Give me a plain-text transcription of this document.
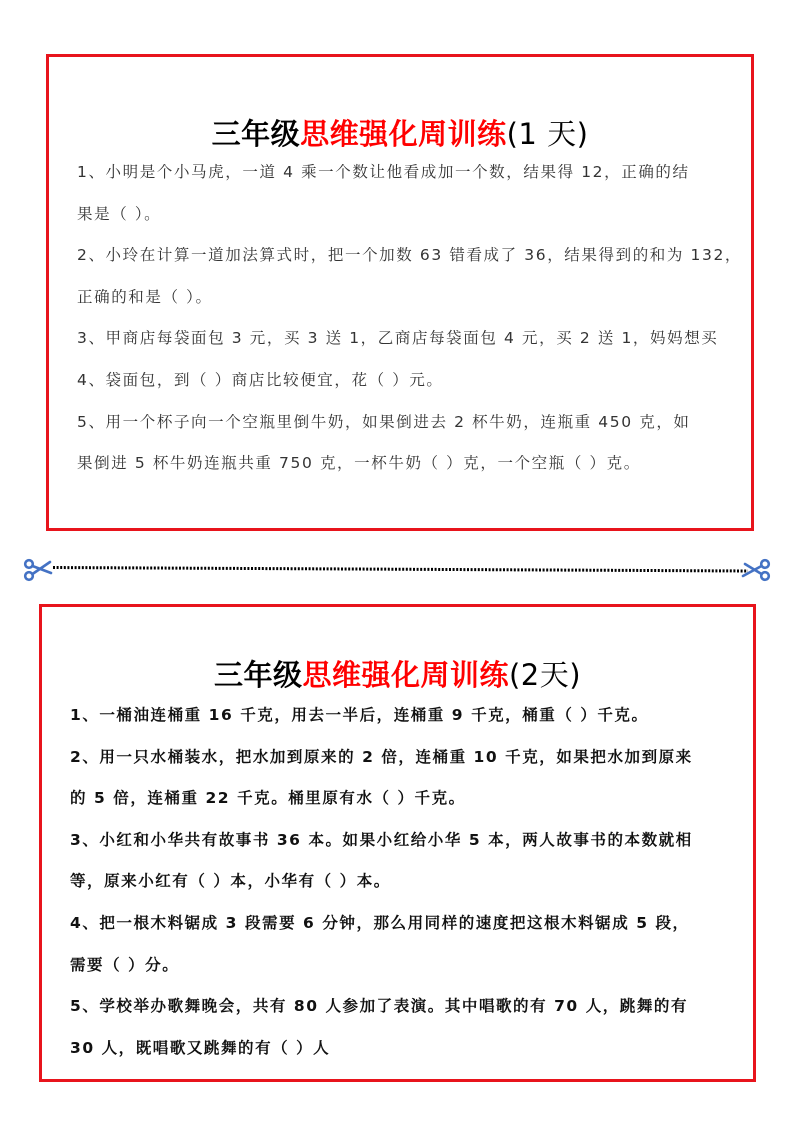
三年级思维强化周训练(1 天)
1、小明是个小马虎，一道 4 乘一个数让他看成加一个数，结果得 12，正确的结
果是（ ）。
2、小玲在计算一道加法算式时，把一个加数 63 错看成了 36，结果得到的和为 132，
正确的和是（ ）。
3、甲商店每袋面包 3 元，买 3 送 1，乙商店每袋面包 4 元，买 2 送 1，妈妈想买
4、袋面包，到（ ）商店比较便宜，花（ ）元。
5、用一个杯子向一个空瓶里倒牛奶，如果倒进去 2 杯牛奶，连瓶重 450 克，如
果倒进 5 杯牛奶连瓶共重 750 克，一杯牛奶（ ）克，一个空瓶（ ）克。
三年级思维强化周训练(2天)
1、一桶油连桶重 16 千克，用去一半后，连桶重 9 千克，桶重（ ）千克。
2、用一只水桶装水，把水加到原来的 2 倍，连桶重 10 千克，如果把水加到原来
的 5 倍，连桶重 22 千克。桶里原有水（ ）千克。
3、小红和小华共有故事书 36 本。如果小红给小华 5 本，两人故事书的本数就相
等，原来小红有（ ）本，小华有（ ）本。
4、把一根木料锯成 3 段需要 6 分钟，那么用同样的速度把这根木料锯成 5 段，
需要（ ）分。
5、学校举办歌舞晚会，共有 80 人参加了表演。其中唱歌的有 70 人，跳舞的有
30 人，既唱歌又跳舞的有（ ）人
